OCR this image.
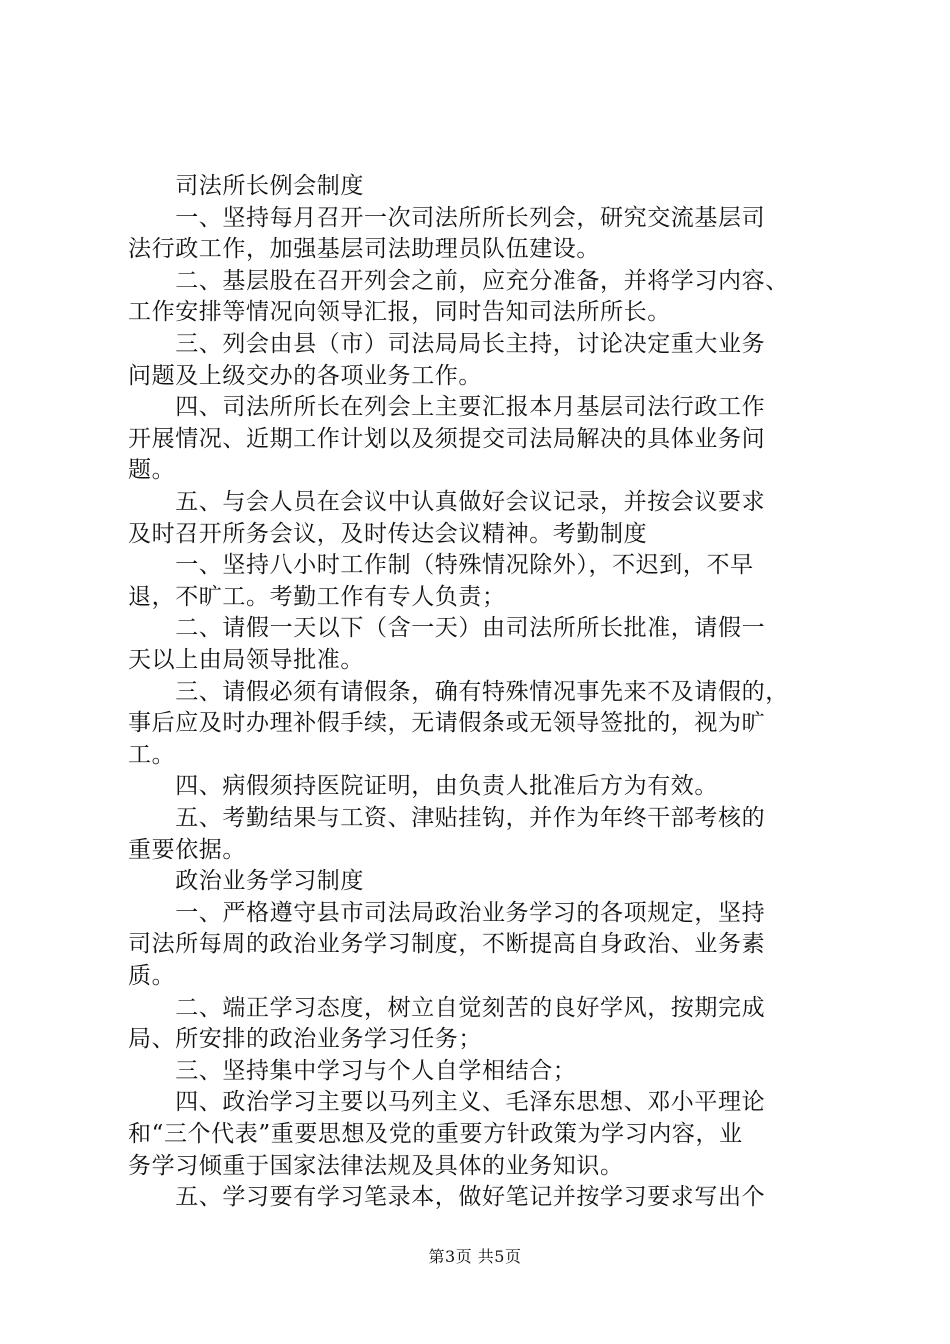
　　司法所长例会制度
　　一、坚持每月召开一次司法所所长列会，研究交流基层司
法行政工作，加强基层司法助理员队伍建设。
　　二、基层股在召开列会之前，应充分准备，并将学习内容、
工作安排等情况向领导汇报，同时告知司法所所长。
　　三、列会由县（市）司法局局长主持，讨论决定重大业务
问题及上级交办的各项业务工作。
　　四、司法所所长在列会上主要汇报本月基层司法行政工作
开展情况、近期工作计划以及须提交司法局解决的具体业务问
题。
　　五、与会人员在会议中认真做好会议记录，并按会议要求
及时召开所务会议，及时传达会议精神。考勤制度
　　一、坚持八小时工作制（特殊情况除外），不迟到，不早
退，不旷工。考勤工作有专人负责；
　　二、请假一天以下（含一天）由司法所所长批准，请假一
天以上由局领导批准。
　　三、请假必须有请假条，确有特殊情况事先来不及请假的，
事后应及时办理补假手续，无请假条或无领导签批的，视为旷
工。
　　四、病假须持医院证明，由负责人批准后方为有效。
　　五、考勤结果与工资、津贴挂钩，并作为年终干部考核的
重要依据。
　　政治业务学习制度
　　一、严格遵守县市司法局政治业务学习的各项规定，坚持
司法所每周的政治业务学习制度，不断提高自身政治、业务素
质。
　　二、端正学习态度，树立自觉刻苦的良好学风，按期完成
局、所安排的政治业务学习任务；
　　三、坚持集中学习与个人自学相结合；
　　四、政治学习主要以马列主义、毛泽东思想、邓小平理论
和“三个代表”重要思想及党的重要方针政策为学习内容，业
务学习倾重于国家法律法规及具体的业务知识。
　　五、学习要有学习笔录本，做好笔记并按学习要求写出个
第3页 共5页
